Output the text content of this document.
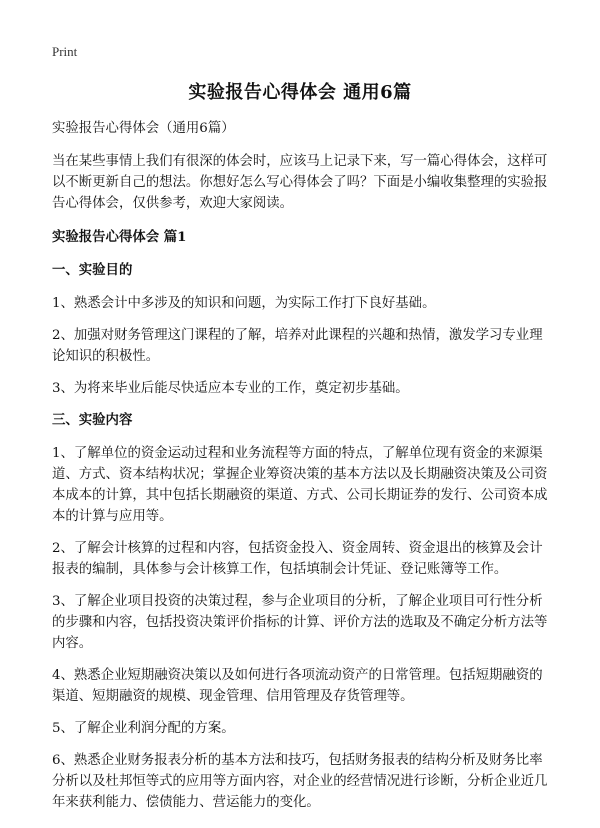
Print
实验报告心得体会 通用6篇

实验报告心得体会（通用6篇）

当在某些事情上我们有很深的体会时，应该马上记录下来，写一篇心得体会，这样可以不断更新自己的想法。你想好怎么写心得体会了吗？下面是小编收集整理的实验报告心得体会，仅供参考，欢迎大家阅读。

实验报告心得体会 篇1

一、实验目的

1、熟悉会计中多涉及的知识和问题，为实际工作打下良好基础。

2、加强对财务管理这门课程的了解，培养对此课程的兴趣和热情，激发学习专业理论知识的积极性。

3、为将来毕业后能尽快适应本专业的工作，奠定初步基础。

三、实验内容

1、了解单位的资金运动过程和业务流程等方面的特点，了解单位现有资金的来源渠道、方式、资本结构状况；掌握企业筹资决策的基本方法以及长期融资决策及公司资本成本的计算，其中包括长期融资的渠道、方式、公司长期证券的发行、公司资本成本的计算与应用等。

2、了解会计核算的过程和内容，包括资金投入、资金周转、资金退出的核算及会计报表的编制，具体参与会计核算工作，包括填制会计凭证、登记账簿等工作。

3、了解企业项目投资的决策过程，参与企业项目的分析，了解企业项目可行性分析的步骤和内容，包括投资决策评价指标的计算、评价方法的选取及不确定分析方法等内容。

4、熟悉企业短期融资决策以及如何进行各项流动资产的日常管理。包括短期融资的渠道、短期融资的规模、现金管理、信用管理及存货管理等。

5、了解企业利润分配的方案。

6、熟悉企业财务报表分析的基本方法和技巧，包括财务报表的结构分析及财务比率分析以及杜邦恒等式的应用等方面内容，对企业的经营情况进行诊断，分析企业近几年来获利能力、偿债能力、营运能力的变化。
